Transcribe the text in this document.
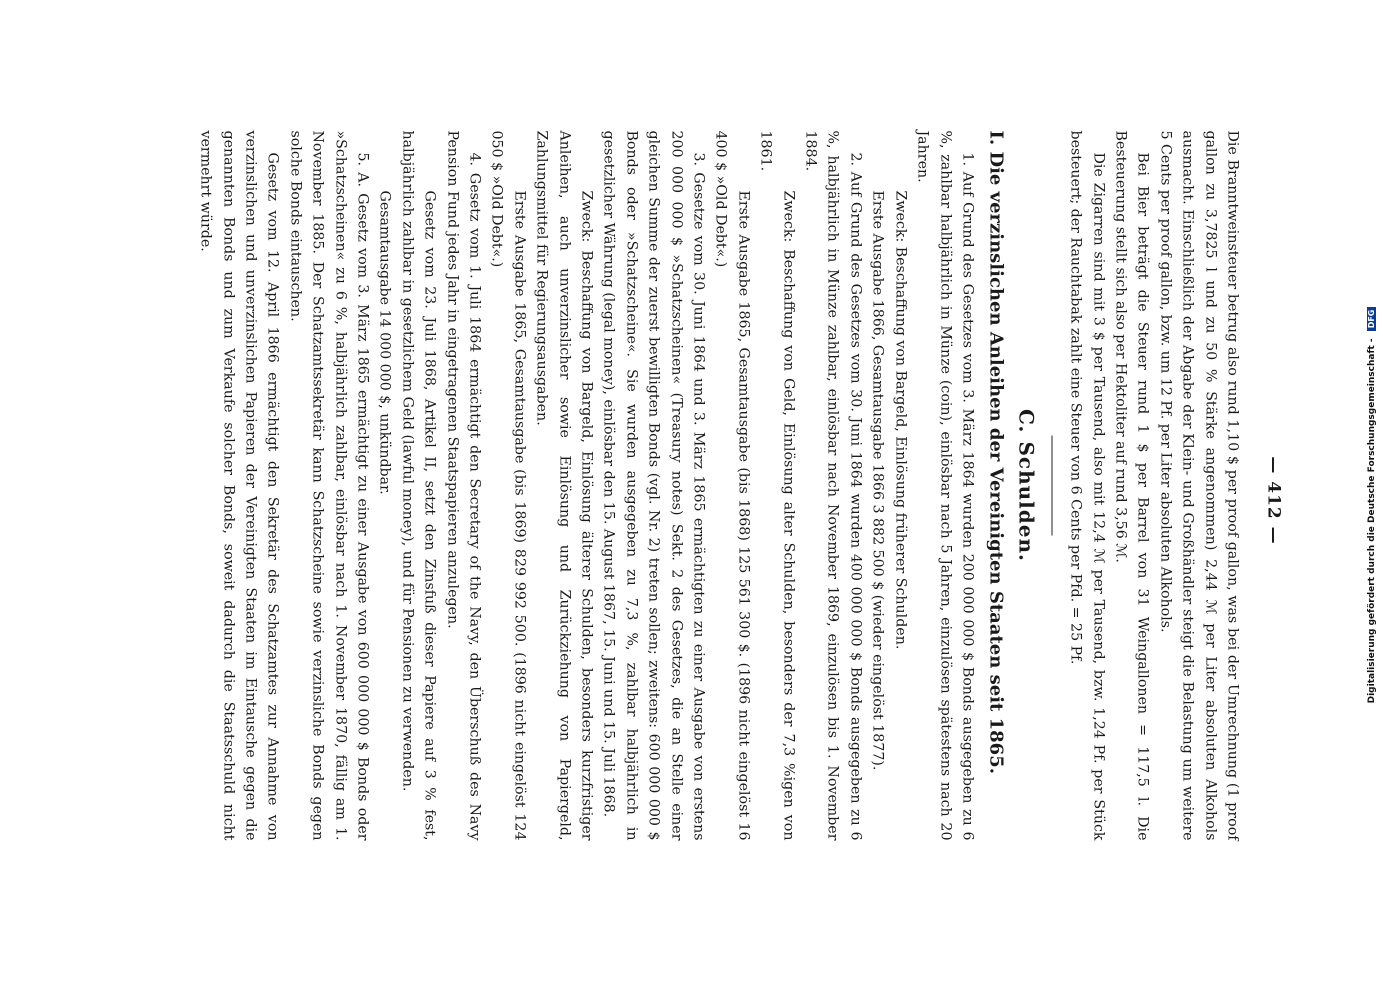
— 412 —

Die Branntweinsteuer betrug also rund 1,10 $ per proof gallon, was bei der Umrechnung (1 proof gallon zu 3,7825 l und zu 50 % Stärke angenommen) 2,44 ℳ per Liter absoluten Alkohols ausmacht. Einschließlich der Abgabe der Klein- und Großhändler steigt die Belastung um weitere 5 Cents per proof gallon, bzw. um 12 Pf. per Liter absoluten Alkohols.

Bei Bier beträgt die Steuer rund 1 $ per Barrel von 31 Weingallonen = 117,5 l. Die Besteuerung stellt sich also per Hektoliter auf rund 3,56 ℳ.

Die Zigarren sind mit 3 $ per Tausend, also mit 12,4 ℳ per Tausend, bzw. 1,24 Pf. per Stück besteuert; der Rauchtabak zahlt eine Steuer von 6 Cents per Pfd. = 25 Pf.

C. Schulden.
I. Die verzinslichen Anleihen der Vereinigten Staaten seit 1865.

1. Auf Grund des Gesetzes vom 3. März 1864 wurden 200 000 000 $ Bonds ausgegeben zu 6 %, zahlbar halbjährlich in Münze (coin), einlösbar nach 5 Jahren, einzulösen spätestens nach 20 Jahren.

Zweck: Beschaffung von Bargeld, Einlösung früherer Schulden.

Erste Ausgabe 1866, Gesamtausgabe 1866 3 882 500 $ (wieder eingelöst 1877).

2. Auf Grund des Gesetzes vom 30. Juni 1864 wurden 400 000 000 $ Bonds ausgegeben zu 6 %, halbjährlich in Münze zahlbar, einlösbar nach November 1869, einzulösen bis 1. November 1884.

Zweck: Beschaffung von Geld, Einlösung alter Schulden, besonders der 7,3 %igen von 1861.

Erste Ausgabe 1865, Gesamtausgabe (bis 1868) 125 561 300 $. (1896 nicht eingelöst 16 400 $ »Old Debt«.)

3. Gesetze vom 30. Juni 1864 und 3. März 1865 ermächtigten zu einer Ausgabe von erstens 200 000 000 $ »Schatzscheinen« (Treasury notes) Sekt. 2 des Gesetzes, die an Stelle einer gleichen Summe der zuerst bewilligten Bonds (vgl. Nr. 2) treten sollen; zweitens: 600 000 000 $ Bonds oder »Schatzscheine«. Sie wurden ausgegeben zu 7,3 %, zahlbar halbjährlich in gesetzlicher Währung (legal money), einlösbar den 15. August 1867, 15. Juni und 15. Juli 1868.

Zweck: Beschaffung von Bargeld, Einlösung älterer Schulden, besonders kurzfristiger Anleihen, auch unverzinslicher sowie Einlösung und Zurückziehung von Papiergeld, Zahlungsmittel für Regierungsausgaben.

Erste Ausgabe 1865, Gesamtausgabe (bis 1869) 829 992 500. (1896 nicht eingelöst 124 050 $ »Old Debt«.)

4. Gesetz vom 1. Juli 1864 ermächtigt den Secretary of the Navy, den Überschuß des Navy Pension Fund jedes Jahr in eingetragenen Staatspapieren anzulegen.

Gesetz vom 23. Juli 1868, Artikel II, setzt den Zinsfuß dieser Papiere auf 3 % fest, halbjährlich zahlbar in gesetzlichem Geld (lawful money), und für Pensionen zu verwenden.

Gesamtausgabe 14 000 000 $, unkündbar.

5. A. Gesetz vom 3. März 1865 ermächtigt zu einer Ausgabe von 600 000 000 $ Bonds oder »Schatzscheinen« zu 6 %, halbjährlich zahlbar, einlösbar nach 1. November 1870, fällig am 1. November 1885. Der Schatzamtssekretär kann Schatzscheine sowie verzinsliche Bonds gegen solche Bonds eintauschen.

Gesetz vom 12. April 1866 ermächtigt den Sekretär des Schatzamtes zur Annahme von verzinslichen und unverzinslichen Papieren der Vereinigten Staaten im Eintausche gegen die genannten Bonds und zum Verkaufe solcher Bonds, soweit dadurch die Staatsschuld nicht vermehrt würde.

Digitalisierung gefördert durch die Deutsche Forschungsgemeinschaft - DFG
